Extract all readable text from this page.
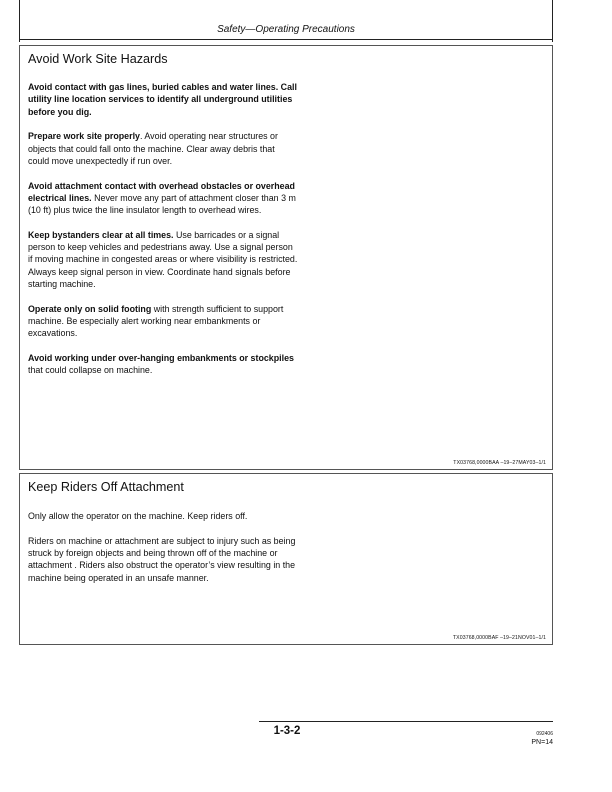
Safety—Operating Precautions
Avoid Work Site Hazards

Avoid contact with gas lines, buried cables and water lines. Call utility line location services to identify all underground utilities before you dig.

Prepare work site properly. Avoid operating near structures or objects that could fall onto the machine. Clear away debris that could move unexpectedly if run over.

Avoid attachment contact with overhead obstacles or overhead electrical lines. Never move any part of attachment closer than 3 m (10 ft) plus twice the line insulator length to overhead wires.

Keep bystanders clear at all times. Use barricades or a signal person to keep vehicles and pedestrians away. Use a signal person if moving machine in congested areas or where visibility is restricted. Always keep signal person in view. Coordinate hand signals before starting machine.

Operate only on solid footing with strength sufficient to support machine. Be especially alert working near embankments or excavations.

Avoid working under over-hanging embankments or stockpiles that could collapse on machine.

TX03768,0000BAA –19–27MAY03–1/1
Keep Riders Off Attachment

Only allow the operator on the machine. Keep riders off.

Riders on machine or attachment are subject to injury such as being struck by foreign objects and being thrown off of the machine or attachment . Riders also obstruct the operator’s view resulting in the machine being operated in an unsafe manner.

TX03768,0000BAF –19–21NOV01–1/1
1-3-2	092406
PN=14
